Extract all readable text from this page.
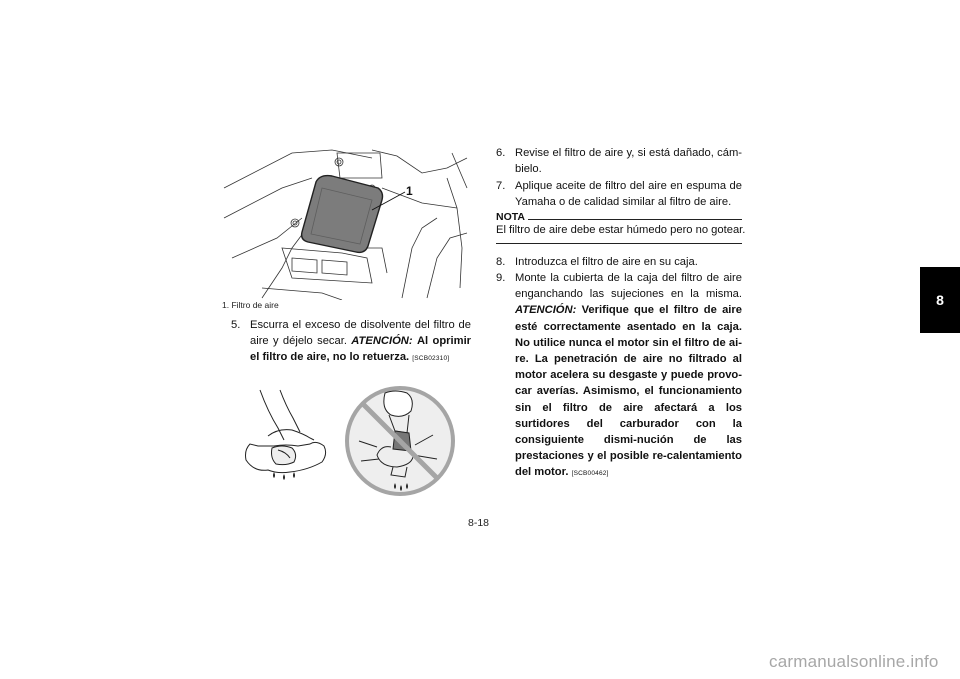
1
1. Filtro de aire
5. Escurra el exceso de disolvente del filtro de aire y déjelo secar. ATENCIÓN: Al oprimir el filtro de aire, no lo retuerza. [SCB02310]
6. Revise el filtro de aire y, si está dañado, cám-bielo.
7. Aplique aceite de filtro del aire en espuma de Yamaha o de calidad similar al filtro de aire.
NOTA
El filtro de aire debe estar húmedo pero no gotear.
8. Introduzca el filtro de aire en su caja.
9. Monte la cubierta de la caja del filtro de aire enganchando las sujeciones en la misma. ATENCIÓN: Verifique que el filtro de aire esté correctamente asentado en la caja. No utilice nunca el motor sin el filtro de ai-re. La penetración de aire no filtrado al motor acelera su desgaste y puede provo-car averías. Asimismo, el funcionamiento sin el filtro de aire afectará a los surtidores del carburador con la consiguiente dismi-nución de las prestaciones y el posible re-calentamiento del motor. [SCB00462]
8
8-18
carmanualsonline.info
